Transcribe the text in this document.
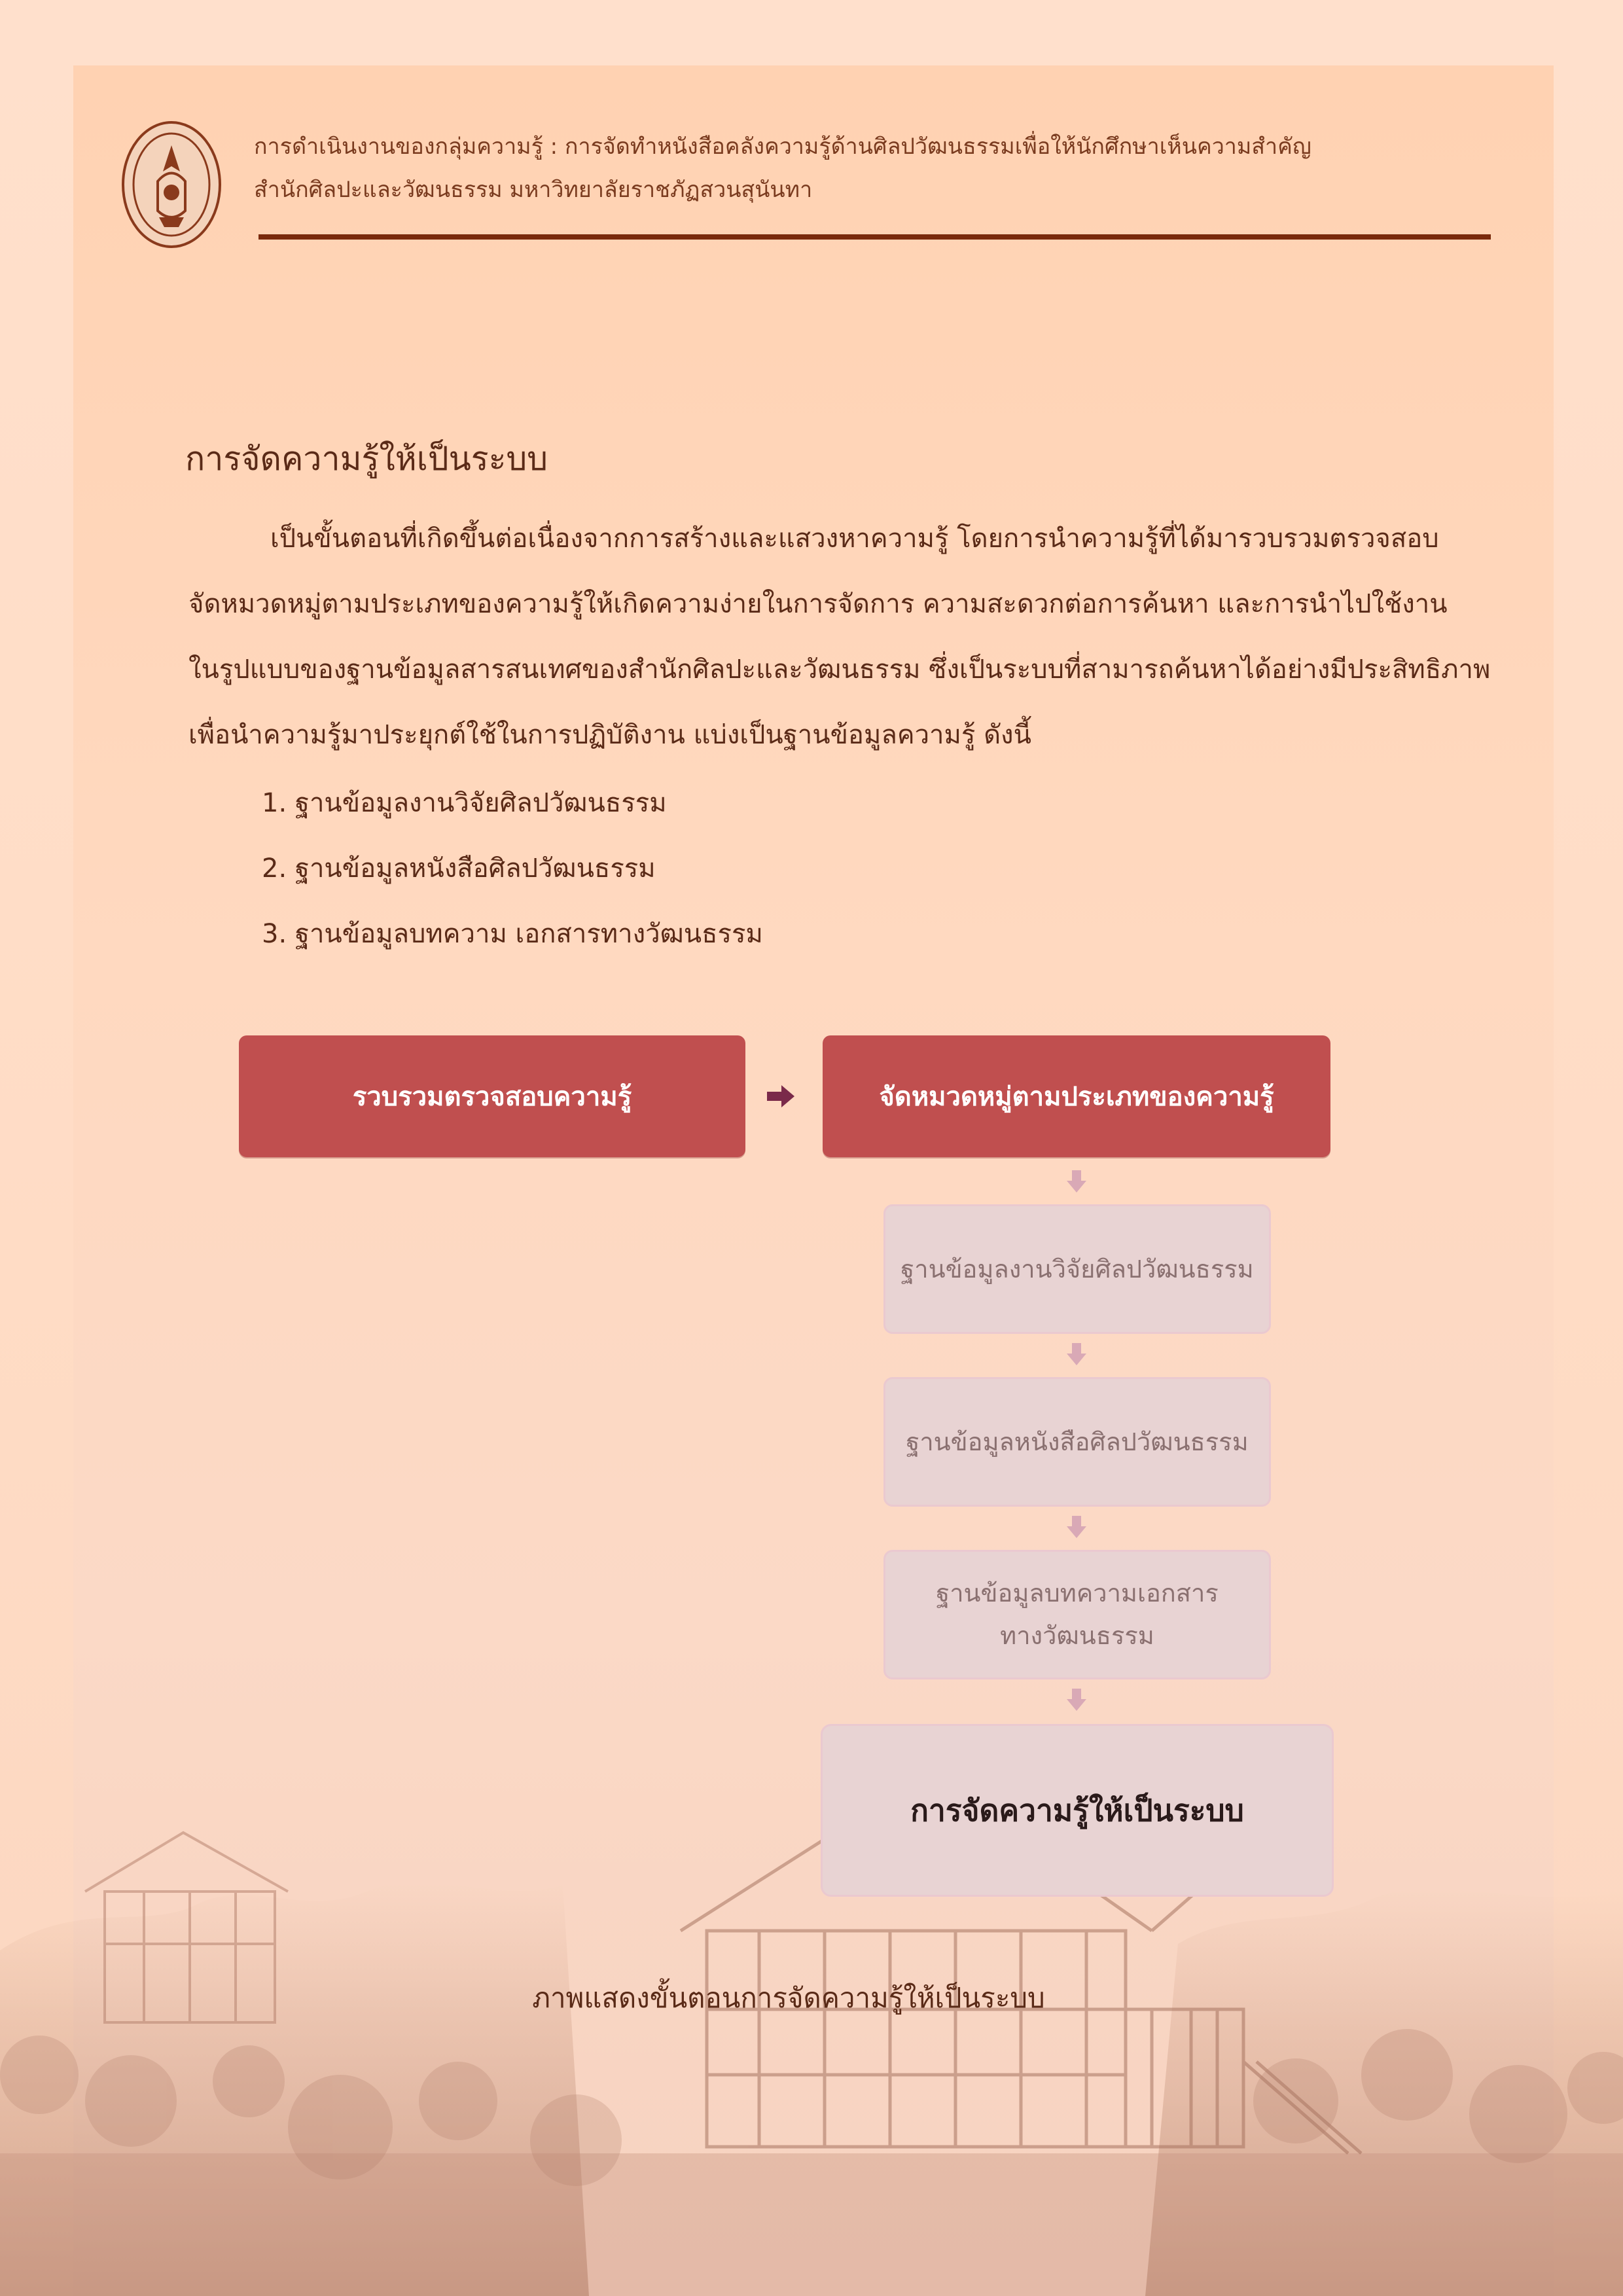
การดำเนินงานของกลุ่มความรู้ : การจัดทำหนังสือคลังความรู้ด้านศิลปวัฒนธรรมเพื่อให้นักศึกษาเห็นความสำคัญ
สำนักศิลปะและวัฒนธรรม มหาวิทยาลัยราชภัฏสวนสุนันทา
การจัดความรู้ให้เป็นระบบ
เป็นขั้นตอนที่เกิดขึ้นต่อเนื่องจากการสร้างและแสวงหาความรู้ โดยการนำความรู้ที่ได้มารวบรวมตรวจสอบ
จัดหมวดหมู่ตามประเภทของความรู้ให้เกิดความง่ายในการจัดการ ความสะดวกต่อการค้นหา และการนำไปใช้งาน
ในรูปแบบของฐานข้อมูลสารสนเทศของสำนักศิลปะและวัฒนธรรม ซึ่งเป็นระบบที่สามารถค้นหาได้อย่างมีประสิทธิภาพ
เพื่อนำความรู้มาประยุกต์ใช้ในการปฏิบัติงาน แบ่งเป็นฐานข้อมูลความรู้ ดังนี้
1. ฐานข้อมูลงานวิจัยศิลปวัฒนธรรม
2. ฐานข้อมูลหนังสือศิลปวัฒนธรรม
3. ฐานข้อมูลบทความ เอกสารทางวัฒนธรรม
รวบรวมตรวจสอบความรู้	จัดหมวดหมู่ตามประเภทของความรู้
ฐานข้อมูลงานวิจัยศิลปวัฒนธรรม
ฐานข้อมูลหนังสือศิลปวัฒนธรรม
ฐานข้อมูลบทความเอกสาร
ทางวัฒนธรรม
การจัดความรู้ให้เป็นระบบ
ภาพแสดงขั้นตอนการจัดความรู้ให้เป็นระบบ
